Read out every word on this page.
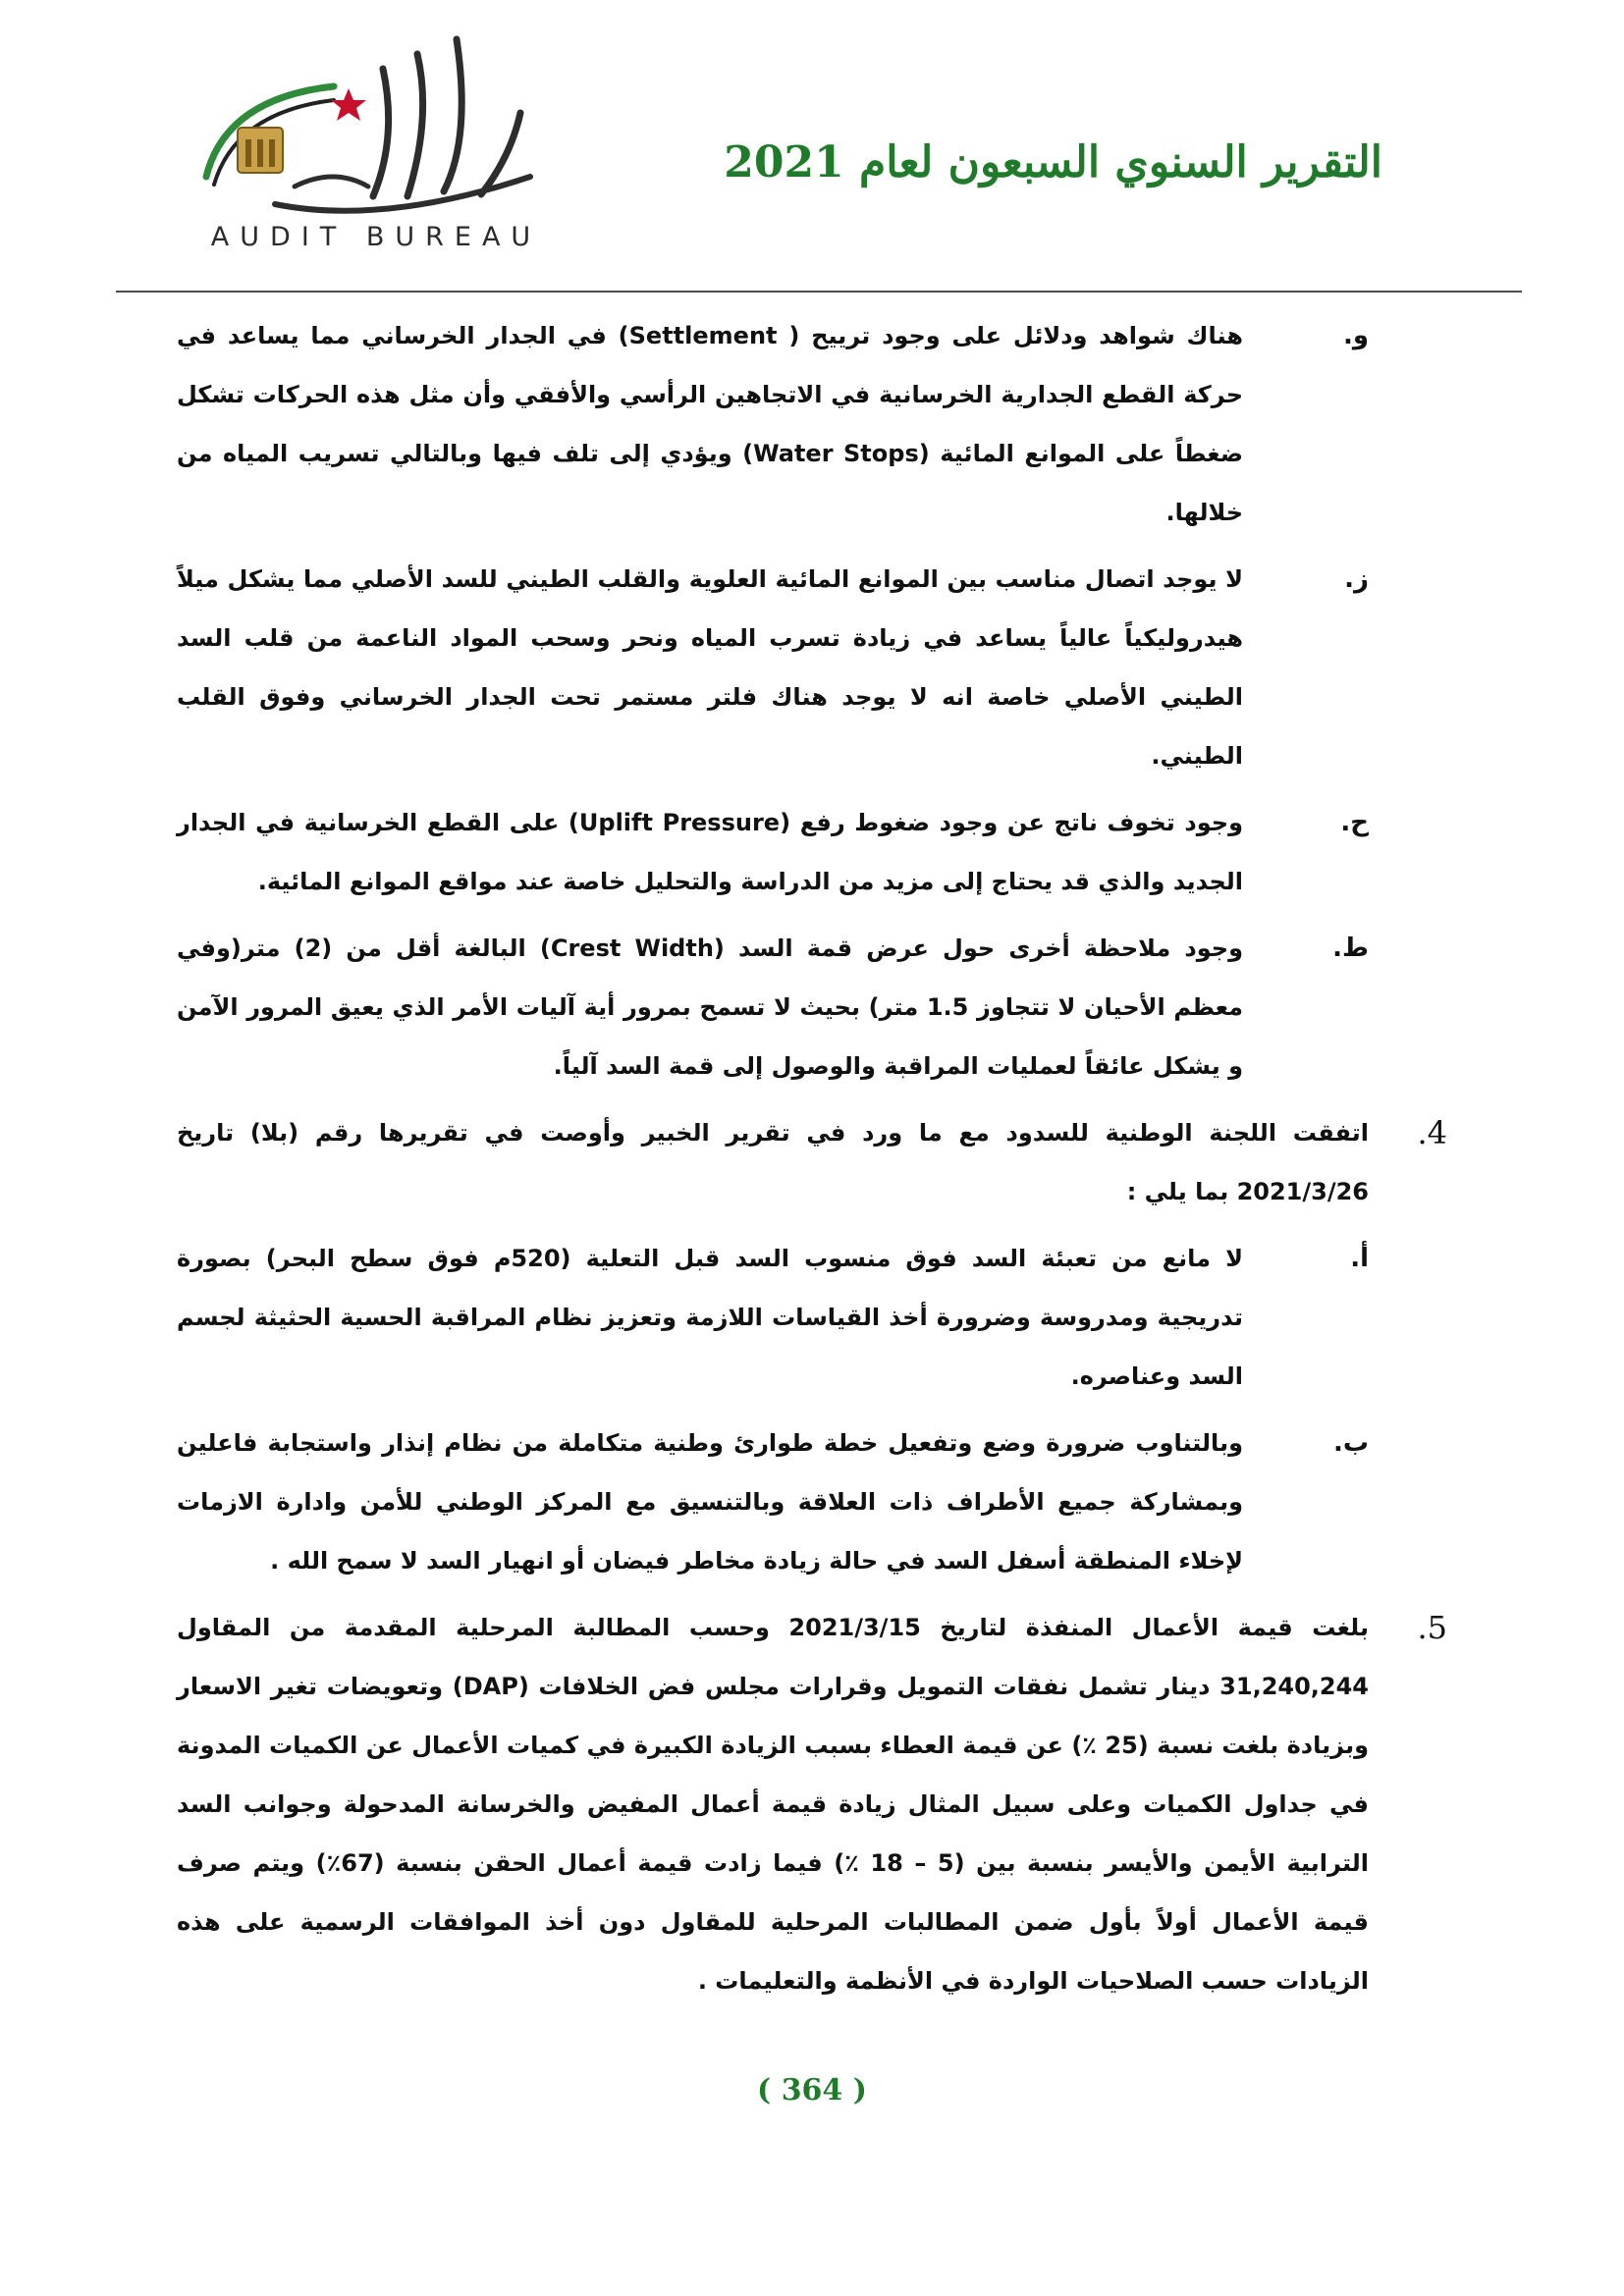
AUDIT BUREAU
التقرير السنوي السبعون لعام 2021
و.

هناك شواهد ودلائل على وجود ترييح ( Settlement) في الجدار الخرساني مما يساعد في حركة القطع الجدارية الخرسانية في الاتجاهين الرأسي والأفقي وأن مثل هذه الحركات تشكل ضغطاً على الموانع المائية (Water Stops) ويؤدي إلى تلف فيها وبالتالي تسريب المياه من خلالها.

ز.

لا يوجد اتصال مناسب بين الموانع المائية العلوية والقلب الطيني للسد الأصلي مما يشكل ميلاً هيدروليكياً عالياً يساعد في زيادة تسرب المياه ونحر وسحب المواد الناعمة من قلب السد الطيني الأصلي خاصة انه لا يوجد هناك فلتر مستمر تحت الجدار الخرساني وفوق القلب الطيني.

ح.

وجود تخوف ناتج عن وجود ضغوط رفع (Uplift Pressure) على القطع الخرسانية في الجدار الجديد والذي قد يحتاج إلى مزيد من الدراسة والتحليل خاصة عند مواقع الموانع المائية.

ط.

وجود ملاحظة أخرى حول عرض قمة السد (Crest Width) البالغة أقل من (2) متر(وفي معظم الأحيان لا تتجاوز 1.5 متر) بحيث لا تسمح بمرور أية آليات الأمر الذي يعيق المرور الآمن و يشكل عائقاً لعمليات المراقبة والوصول إلى قمة السد آلياً.

4.

اتفقت اللجنة الوطنية للسدود مع ما ورد في تقرير الخبير وأوصت في تقريرها رقم (بلا) تاريخ 2021/3/26 بما يلي :

أ.

لا مانع من تعبئة السد فوق منسوب السد قبل التعلية (520م فوق سطح البحر) بصورة تدريجية ومدروسة وضرورة أخذ القياسات اللازمة وتعزيز نظام المراقبة الحسية الحثيثة لجسم السد وعناصره.

ب.

وبالتناوب ضرورة وضع وتفعيل خطة طوارئ وطنية متكاملة من نظام إنذار واستجابة فاعلين وبمشاركة جميع الأطراف ذات العلاقة وبالتنسيق مع المركز الوطني للأمن وادارة الازمات لإخلاء المنطقة أسفل السد في حالة زيادة مخاطر فيضان أو انهيار السد لا سمح الله .

5.

بلغت قيمة الأعمال المنفذة لتاريخ 2021/3/15 وحسب المطالبة المرحلية المقدمة من المقاول 31,240,244 دينار تشمل نفقات التمويل وقرارات مجلس فض الخلافات (DAP) وتعويضات تغير الاسعار وبزيادة بلغت نسبة (25 ٪) عن قيمة العطاء بسبب الزيادة الكبيرة في كميات الأعمال عن الكميات المدونة في جداول الكميات وعلى سبيل المثال زيادة قيمة أعمال المفيض والخرسانة المدحولة وجوانب السد الترابية الأيمن والأيسر بنسبة بين (5 – 18 ٪) فيما زادت قيمة أعمال الحقن بنسبة (67٪) ويتم صرف قيمة الأعمال أولاً بأول ضمن المطالبات المرحلية للمقاول دون أخذ الموافقات الرسمية على هذه الزيادات حسب الصلاحيات الواردة في الأنظمة والتعليمات .

( 364 )
